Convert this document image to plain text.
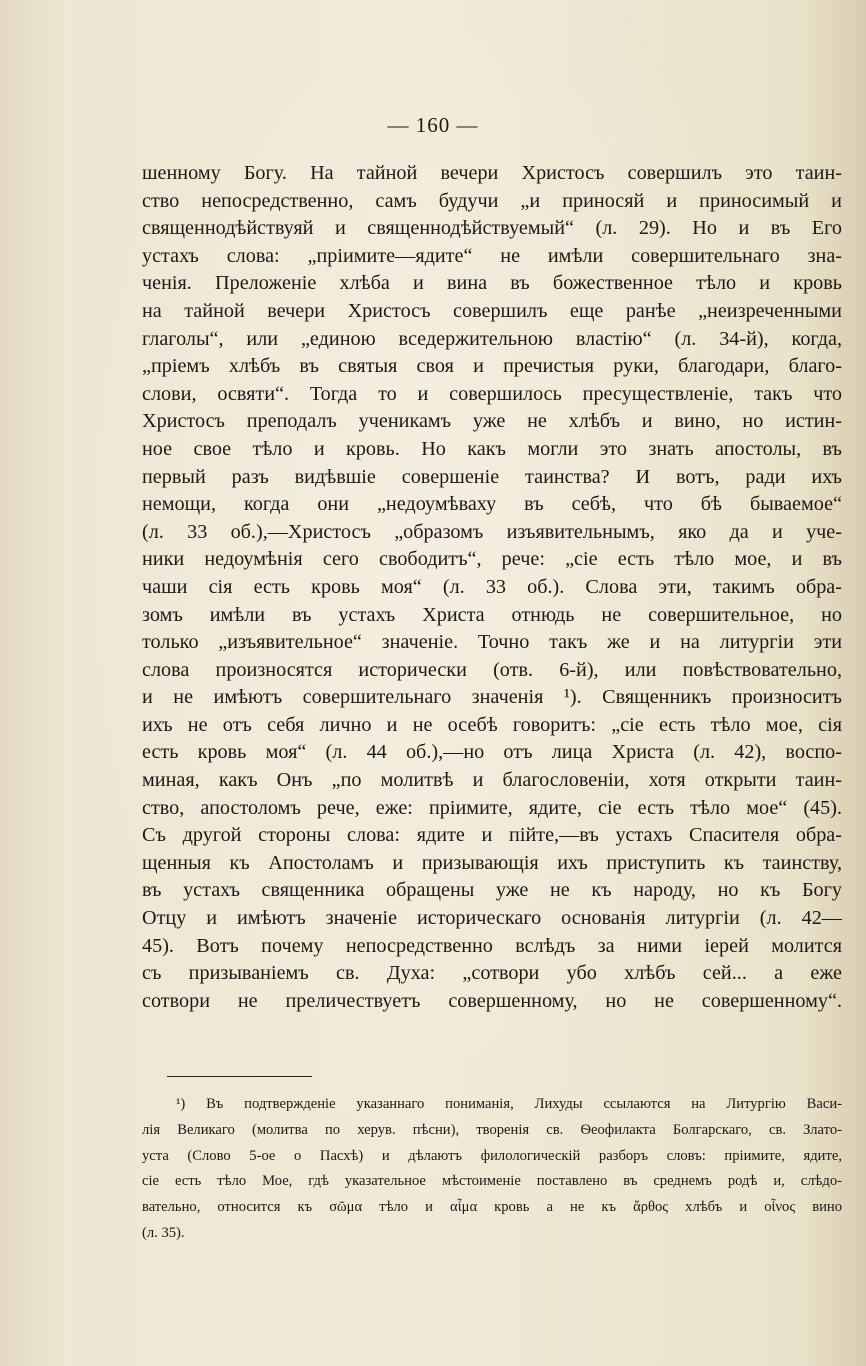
— 160 —
шенному Богу. На тайной вечери Христосъ совершилъ это таин-
ство непосредственно, самъ будучи „и приносяй и приносимый и
священнодѣйствуяй и священнодѣйствуемый“ (л. 29). Но и въ Его
устахъ слова: „пріимите—ядите“ не имѣли совершительнаго зна-
ченія. Преложеніе хлѣба и вина въ божественное тѣло и кровь
на тайной вечери Христосъ совершилъ еще ранѣе „неизреченными
глаголы“, или „единою вседержительною властію“ (л. 34-й), когда,
„пріемъ хлѣбъ въ святыя своя и пречистыя руки, благодари, благо-
слови, освяти“. Тогда то и совершилось пресуществленіе, такъ что
Христосъ преподалъ ученикамъ уже не хлѣбъ и вино, но истин-
ное свое тѣло и кровь. Но какъ могли это знать апостолы, въ
первый разъ видѣвшіе совершеніе таинства? И вотъ, ради ихъ
немощи, когда они „недоумѣваху въ себѣ, что бѣ бываемое“
(л. 33 об.),—Христосъ „образомъ изъявительнымъ, яко да и уче-
ники недоумѣнія сего свободитъ“, рече: „сіе есть тѣло мое, и въ
чаши сія есть кровь моя“ (л. 33 об.). Слова эти, такимъ обра-
зомъ имѣли въ устахъ Христа отнюдь не совершительное, но
только „изъявительное“ значеніе. Точно такъ же и на литургіи эти
слова произносятся исторически (отв. 6-й), или повѣствовательно,
и не имѣютъ совершительнаго значенія ¹). Священникъ произноситъ
ихъ не отъ себя лично и не осебѣ говоритъ: „сіе есть тѣло мое, сія
есть кровь моя“ (л. 44 об.),—но отъ лица Христа (л. 42), воспо-
миная, какъ Онъ „по молитвѣ и благословеніи, хотя открыти таин-
ство, апостоломъ рече, еже: пріимите, ядите, сіе есть тѣло мое“ (45).
Съ другой стороны слова: ядите и пійте,—въ устахъ Спасителя обра-
щенныя къ Апостоламъ и призывающія ихъ приступить къ таинству,
въ устахъ священника обращены уже не къ народу, но къ Богу
Отцу и имѣютъ значеніе историческаго основанія литургіи (л. 42—
45). Вотъ почему непосредственно вслѣдъ за ними іерей молится
съ призываніемъ св. Духа: „сотвори убо хлѣбъ сей... а еже
сотвори не преличествуетъ совершенному, но не совершенному“.
¹) Въ подтвержденіе указаннаго пониманія, Лихуды ссылаются на Литургію Васи-
лія Великаго (молитва по херув. пѣсни), творенія св. Ѳеофилакта Болгарскаго, св. Злато-
уста (Слово 5-ое о Пасхѣ) и дѣлаютъ филологическій разборъ словъ: пріимите, ядите,
сіе есть тѣло Мое, гдѣ указательное мѣстоименіе поставлено въ среднемъ родѣ и, слѣдо-
вательно, относится къ σῶμα тѣло и αἷμα кровь а не къ ἄρθος хлѣбъ и οἶνος вино
(л. 35).
